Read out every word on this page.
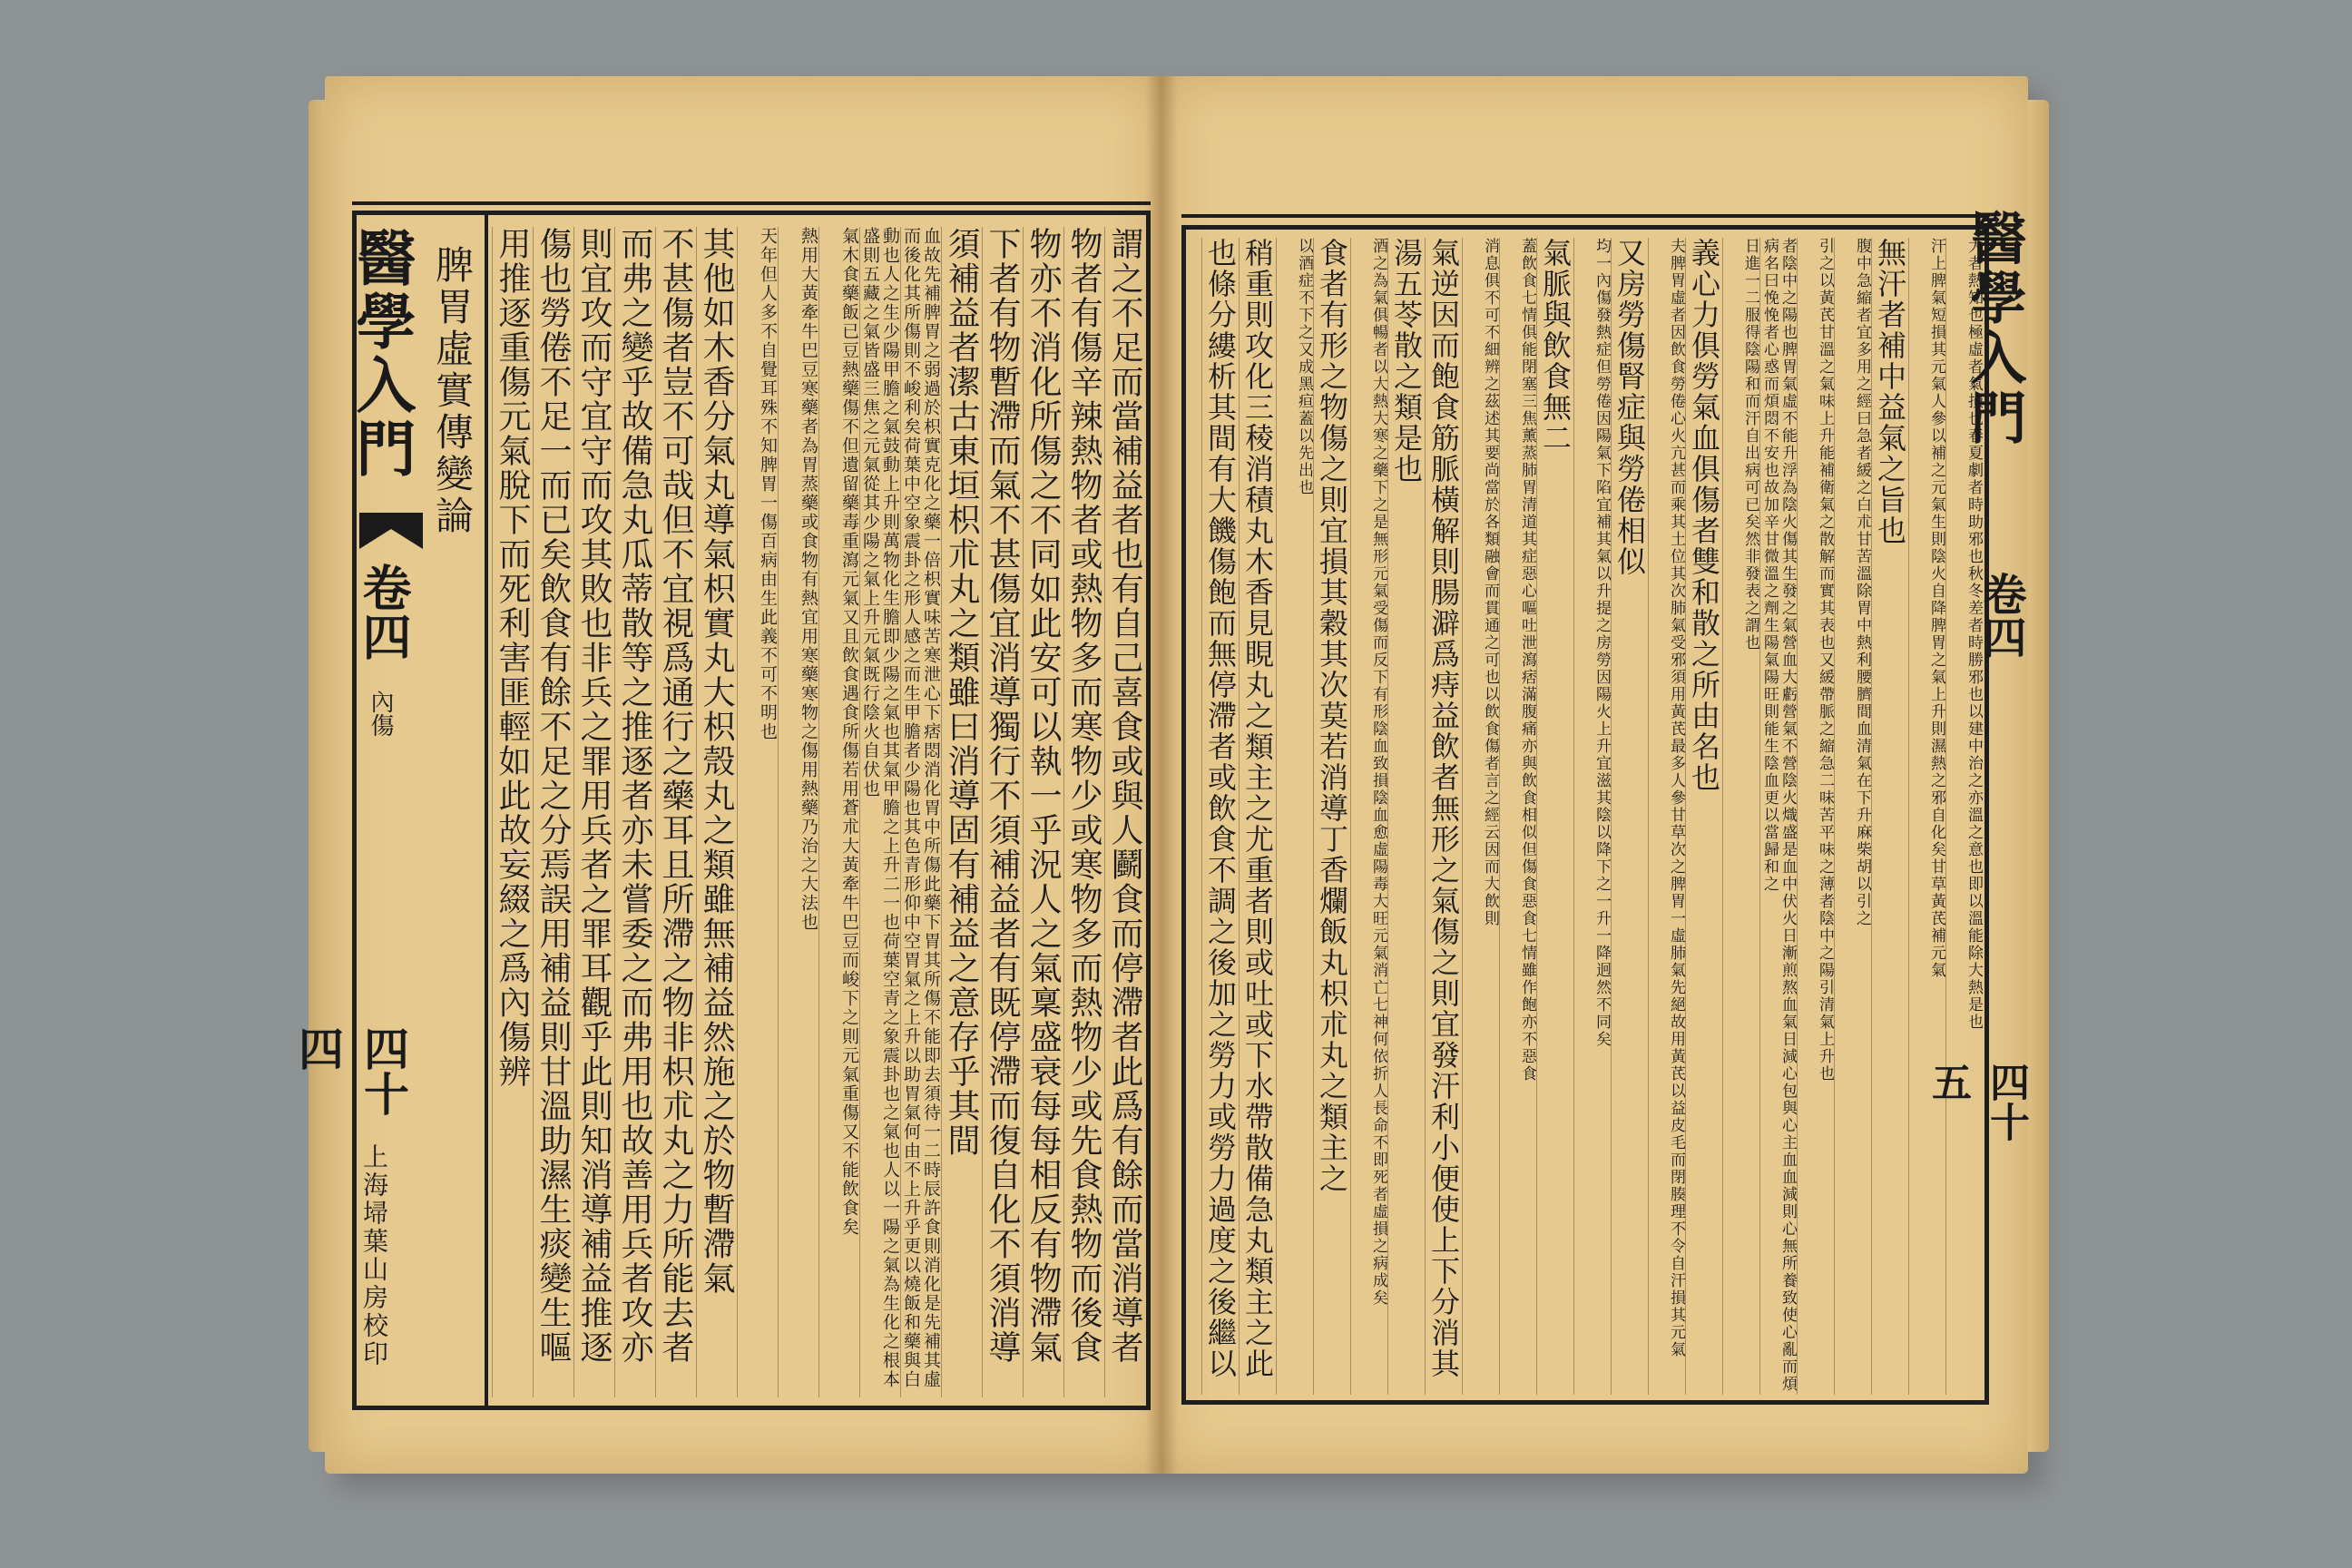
醫學入門
卷四
內傷
四十四
上海埽葉山房校印
脾胃虛實傳變論
謂之不足而當補益者也有自己喜食或與人鬬食而停滯者此爲有餘而當消導者
物者有傷辛辣熱物者或熱物多而寒物少或寒物多而熱物少或先食熱物而後食
物亦不消化所傷之不同如此安可以執一乎況人之氣稟盛衰每每相反有物滯氣
下者有物暫滯而氣不甚傷宜消導獨行不須補益者有既停滯而復自化不須消導
須補益者潔古東垣枳朮丸之類雖曰消導固有補益之意存乎其間
血故先補脾胃之弱過於枳實克化之藥一倍枳實味苦寒泄心下痞悶消化胃中所傷此藥下胃其所傷不能即去須待一二時辰許食則消化是先補其虛而後化其所傷則不峻利矣荷葉中空象震卦之形人感之而生甲膽者少陽也其色青形仰中空胃氣之上升以助胃氣何由不上升乎更以燒飯和藥與白
動也人之生少陽甲膽之氣鼓動上升則萬物化生膽即少陽之氣也其氣甲膽之上升二一也荷葉空青之象震卦也之氣也人以一陽之氣為生化之根本盛則五藏之氣皆盛三焦之元氣從其少陽之氣上升元氣既行陰火自伏也
氣木食藥飯已豆熱藥傷不但遺留藥毒重瀉元氣又且飲食遇食所傷若用蒼朮大黃牽牛巴豆而峻下之則元氣重傷又不能飲食矣
熱用大黃牽牛巴豆寒藥者為胃蒸藥或食物有熱宜用寒藥寒物之傷用熱藥乃治之大法也
天年但人多不自覺耳殊不知脾胃一傷百病由生此義不可不明也
其他如木香分氣丸導氣枳實丸大枳殼丸之類雖無補益然施之於物暫滯氣
不甚傷者豈不可哉但不宜視爲通行之藥耳且所滯之物非枳朮丸之力所能去者
而弗之變乎故備急丸瓜蒂散等之推逐者亦未嘗委之而弗用也故善用兵者攻亦
則宜攻而守宜守而攻其敗也非兵之罪用兵者之罪耳觀乎此則知消導補益推逐
傷也勞倦不足一而已矣飲食有餘不足之分焉誤用補益則甘溫助濕生痰變生嘔
用推逐重傷元氣脫下而死利害匪輕如此故妄綴之爲內傷辨	醫學入門
卷四
四十五
大者熱知也極虛者氣損也春夏劇者時助邪也秋冬差者時勝邪也以建中治之亦溫之意也即以溫能除大熱是也
汗上脾氣短損其元氣人參以補之元氣生則陰火自降脾胃之氣上升則濕熱之邪自化矣甘草黃芪補元氣
無汗者補中益氣之旨也
腹中急縮者宜多用之經曰急者緩之白朮甘苦溫除胃中熱利腰臍間血清氣在下升麻柴胡以引之
引之以黃芪甘溫之氣味上升能補衛氣之散解而實其表也又緩帶脈之縮急二味苦平味之薄者陰中之陽引清氣上升也
者陰中之陽也脾胃氣虛不能升浮為陰火傷其生發之氣營血大虧營氣不營陰火熾盛是血中伏火日漸煎熬血氣日減心包與心主血血減則心無所養致使心亂而煩病名曰悗悗者心惑而煩悶不安也故加辛甘微溫之劑生陽氣陽旺則能生陰血更以當歸和之
日進一二服得陰陽和而汗自出病可已矣然非發表之謂也
義心力俱勞氣血俱傷者雙和散之所由名也
夫脾胃虛者因飲食勞倦心火亢甚而乘其土位其次肺氣受邪須用黃芪最多人參甘草次之脾胃一虛肺氣先絕故用黃芪以益皮毛而閉腠理不令自汗損其元氣
又房勞傷腎症與勞倦相似
均一內傷發熱症但勞倦因陽氣下陷宜補其氣以升提之房勞因陽火上升宜滋其陰以降下之一升一降迥然不同矣
氣脈與飲食無二
蓋飲食七情俱能閉塞三焦薰蒸肺胃清道其症惡心嘔吐泄瀉痞滿腹痛亦與飲食相似但傷食惡食七情雖作飽亦不惡食
消息俱不可不細辨之茲述其要尚當於各類融會而貫通之可也以飲食傷者言之經云因而大飲則
氣逆因而飽食筋脈橫解則腸澼爲痔益飲者無形之氣傷之則宜發汗利小便使上下分消其
湯五苓散之類是也
酒之為氣俱暢者以大熱大寒之藥下之是無形元氣受傷而反下有形陰血致損陰血愈虛陽毒大旺元氣消亡七神何依折人長命不即死者虛損之病成矣
食者有形之物傷之則宜損其穀其次莫若消導丁香爛飯丸枳朮丸之類主之
以酒症不下之又成黑疸蓋以先出也
稍重則攻化三稜消積丸木香見睍丸之類主之尤重者則或吐或下水帶散備急丸類主之此
也條分縷析其間有大饑傷飽而無停滯者或飲食不調之後加之勞力或勞力過度之後繼以
